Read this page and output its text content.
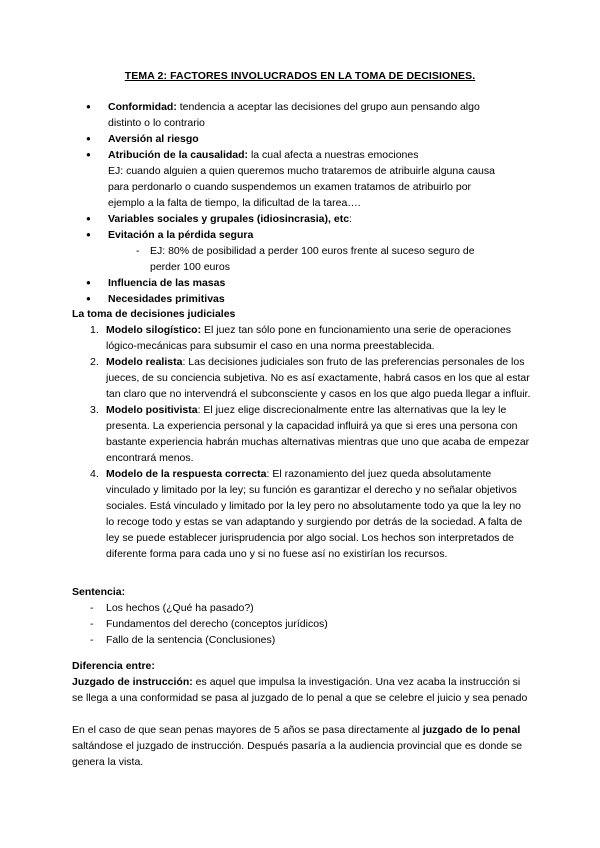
TEMA 2: FACTORES INVOLUCRADOS EN LA TOMA DE DECISIONES.
● Conformidad: tendencia a aceptar las decisiones del grupo aun pensando algo distinto o lo contrario
● Aversión al riesgo
● Atribución de la causalidad: la cual afecta a nuestras emociones
EJ: cuando alguien a quien queremos mucho trataremos de atribuirle alguna causa para perdonarlo o cuando suspendemos un examen tratamos de atribuirlo por ejemplo a la falta de tiempo, la dificultad de la tarea….
● Variables sociales y grupales (idiosincrasia), etc:
● Evitación a la pérdida segura
- EJ: 80% de posibilidad a perder 100 euros frente al suceso seguro de perder 100 euros
● Influencia de las masas
● Necesidades primitivas
La toma de decisiones judiciales
1. Modelo silogístico: El juez tan sólo pone en funcionamiento una serie de operaciones lógico-mecánicas para subsumir el caso en una norma preestablecida.
2. Modelo realista: Las decisiones judiciales son fruto de las preferencias personales de los jueces, de su conciencia subjetiva. No es así exactamente, habrá casos en los que al estar tan claro que no intervendrá el subconsciente y casos en los que algo pueda llegar a influir.
3. Modelo positivista: El juez elige discrecionalmente entre las alternativas que la ley le presenta. La experiencia personal y la capacidad influirá ya que si eres una persona con bastante experiencia habrán muchas alternativas mientras que uno que acaba de empezar encontrará menos.
4. Modelo de la respuesta correcta: El razonamiento del juez queda absolutamente vinculado y limitado por la ley; su función es garantizar el derecho y no señalar objetivos sociales. Está vinculado y limitado por la ley pero no absolutamente todo ya que la ley no lo recoge todo y estas se van adaptando y surgiendo por detrás de la sociedad. A falta de ley se puede establecer jurisprudencia por algo social. Los hechos son interpretados de diferente forma para cada uno y si no fuese así no existirían los recursos.
Sentencia:
- Los hechos (¿Qué ha pasado?)
- Fundamentos del derecho (conceptos jurídicos)
- Fallo de la sentencia (Conclusiones)
Diferencia entre:

Juzgado de instrucción: es aquel que impulsa la investigación. Una vez acaba la instrucción si se llega a una conformidad se pasa al juzgado de lo penal a que se celebre el juicio y sea penado

En el caso de que sean penas mayores de 5 años se pasa directamente al juzgado de lo penal saltándose el juzgado de instrucción. Después pasaría a la audiencia provincial que es donde se genera la vista.
